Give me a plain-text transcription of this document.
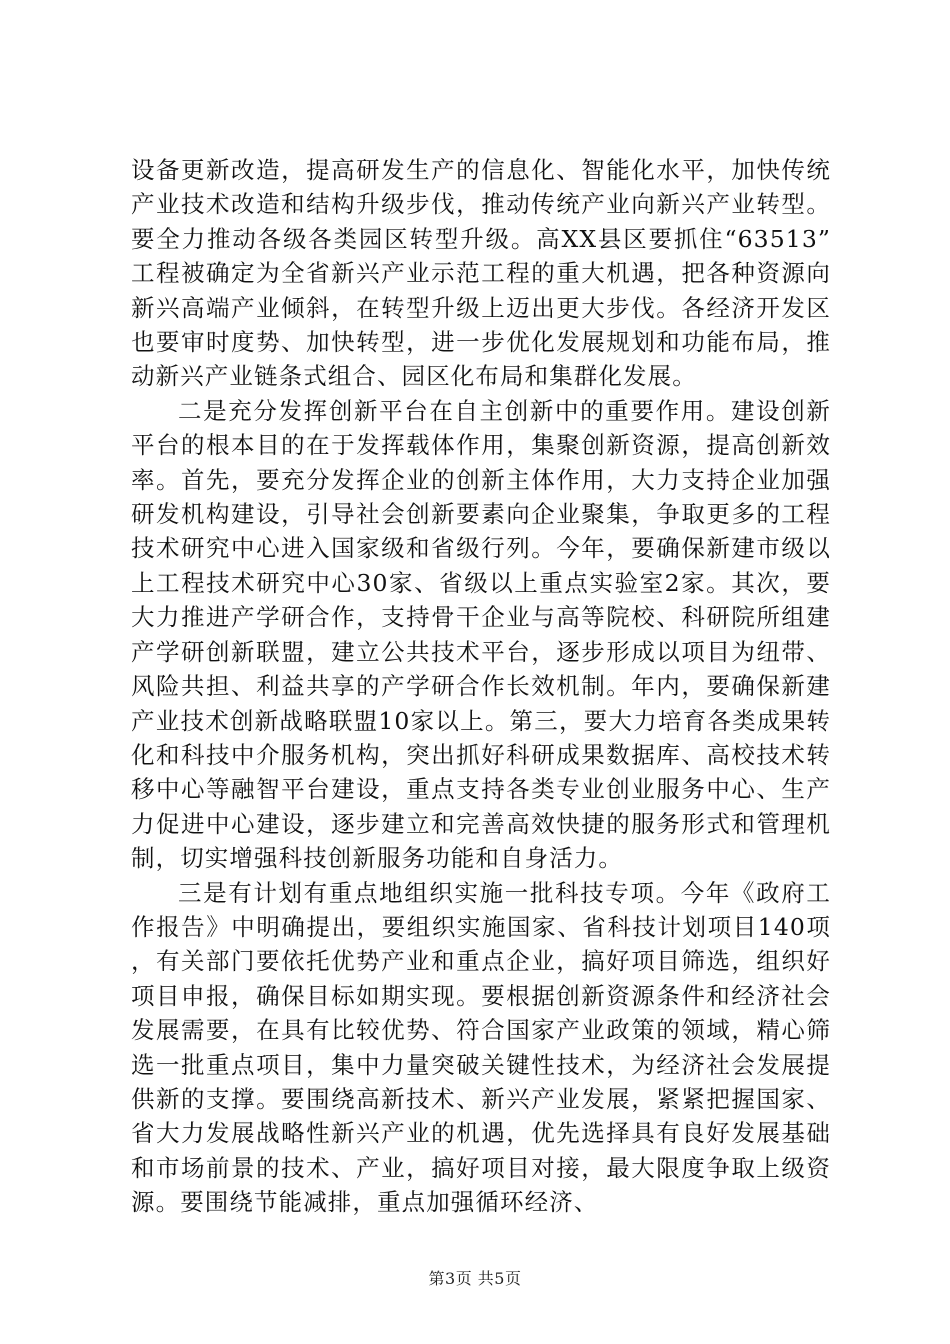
设备更新改造，提高研发生产的信息化、智能化水平，加快传统产业技术改造和结构升级步伐，推动传统产业向新兴产业转型。要全力推动各级各类园区转型升级。高XX县区要抓住“63513”工程被确定为全省新兴产业示范工程的重大机遇，把各种资源向新兴高端产业倾斜，在转型升级上迈出更大步伐。各经济开发区也要审时度势、加快转型，进一步优化发展规划和功能布局，推动新兴产业链条式组合、园区化布局和集群化发展。

二是充分发挥创新平台在自主创新中的重要作用。建设创新平台的根本目的在于发挥载体作用，集聚创新资源，提高创新效率。首先，要充分发挥企业的创新主体作用，大力支持企业加强研发机构建设，引导社会创新要素向企业聚集，争取更多的工程技术研究中心进入国家级和省级行列。今年，要确保新建市级以上工程技术研究中心30家、省级以上重点实验室2家。其次，要大力推进产学研合作，支持骨干企业与高等院校、科研院所组建产学研创新联盟，建立公共技术平台，逐步形成以项目为纽带、风险共担、利益共享的产学研合作长效机制。年内，要确保新建产业技术创新战略联盟10家以上。第三，要大力培育各类成果转化和科技中介服务机构，突出抓好科研成果数据库、高校技术转移中心等融智平台建设，重点支持各类专业创业服务中心、生产力促进中心建设，逐步建立和完善高效快捷的服务形式和管理机制，切实增强科技创新服务功能和自身活力。

三是有计划有重点地组织实施一批科技专项。今年《政府工作报告》中明确提出，要组织实施国家、省科技计划项目140项，有关部门要依托优势产业和重点企业，搞好项目筛选，组织好项目申报，确保目标如期实现。要根据创新资源条件和经济社会发展需要，在具有比较优势、符合国家产业政策的领域，精心筛选一批重点项目，集中力量突破关键性技术，为经济社会发展提供新的支撑。要围绕高新技术、新兴产业发展，紧紧把握国家、省大力发展战略性新兴产业的机遇，优先选择具有良好发展基础和市场前景的技术、产业，搞好项目对接，最大限度争取上级资源。要围绕节能减排，重点加强循环经济、

第3页 共5页
